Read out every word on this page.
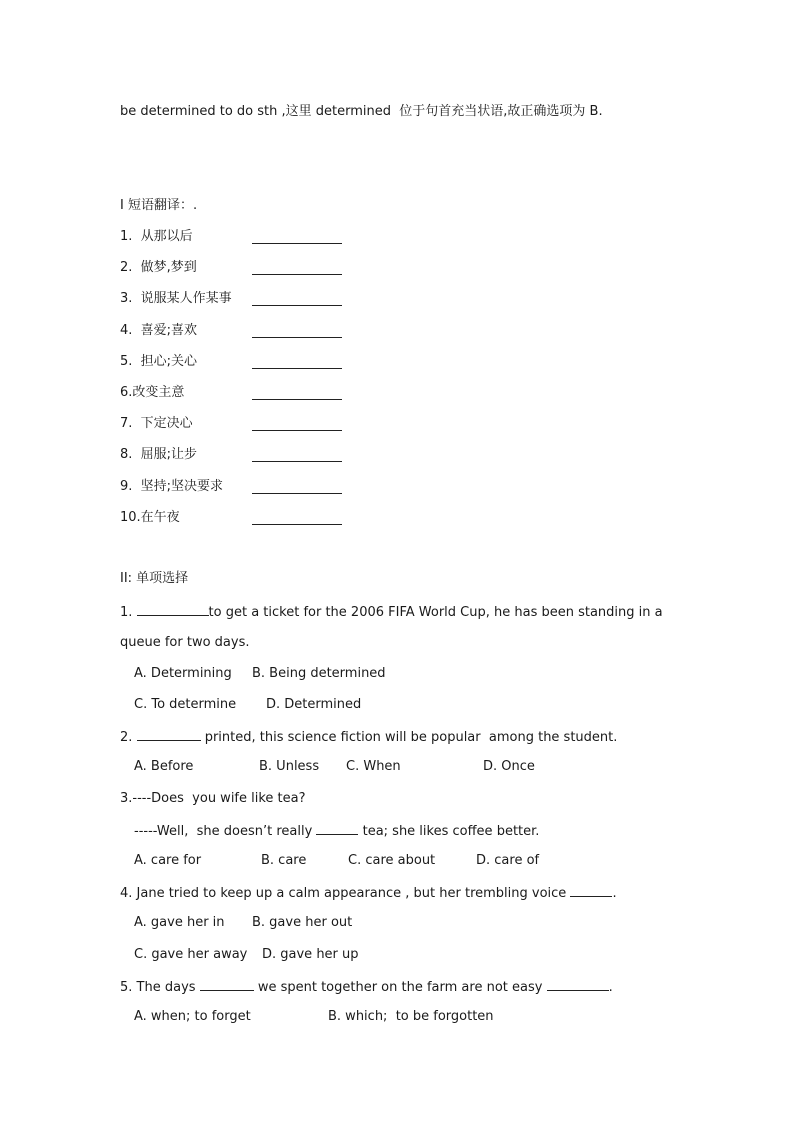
be determined to do sth ,这里 determined  位于句首充当状语,故正确选项为 B.
Ⅰ 短语翻译：.
1.  从那以后
2.  做梦,梦到
3.  说服某人作某事
4.  喜爱;喜欢
5.  担心;关心
6.改变主意
7.  下定决心
8.  屈服;让步
9.  坚持;坚决要求
10.在午夜
II: 单项选择
1.	to get a ticket for the 2006 FIFA World Cup, he has been standing in a
queue for two days.
A. Determining B. Being determined
C. To determine D. Determined
2.	printed, this science fiction will be popular  among the student.
A. Before	B. Unless C. When	D. Once
3.----Does  you wife like tea?
-----Well,  she doesn’t really	tea; she likes coffee better.
A. care for	B. care	C. care about	D. care of
4. Jane tried to keep up a calm appearance , but her trembling voice	.
A. gave her in B. gave her out
C. gave her away D. gave her up
5. The days	we spent together on the farm are not easy	.
A. when; to forget	B. which;  to be forgotten
